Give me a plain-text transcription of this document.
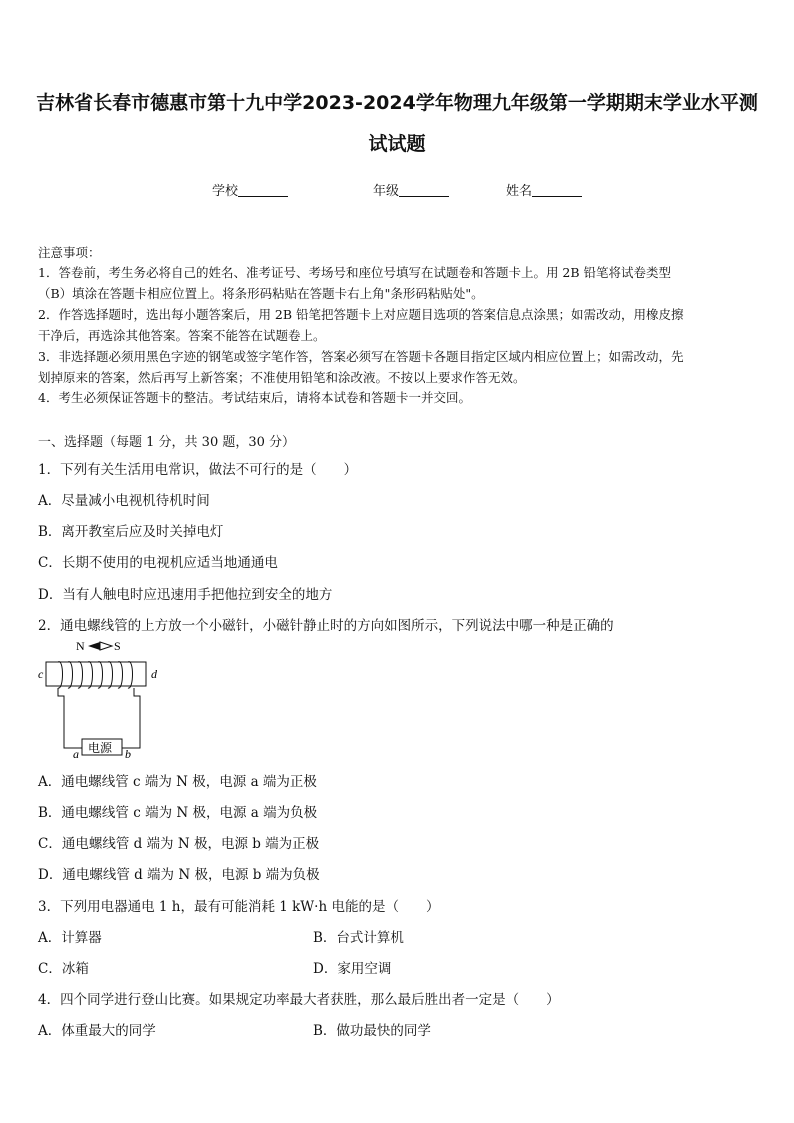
吉林省长春市德惠市第十九中学2023-2024学年物理九年级第一学期期末学业水平测
试试题
学校	年级	姓名
注意事项：
1．答卷前，考生务必将自己的姓名、准考证号、考场号和座位号填写在试题卷和答题卡上。用 2B 铅笔将试卷类型
（B）填涂在答题卡相应位置上。将条形码粘贴在答题卡右上角"条形码粘贴处"。
2．作答选择题时，选出每小题答案后，用 2B 铅笔把答题卡上对应题目选项的答案信息点涂黑；如需改动，用橡皮擦
干净后，再选涂其他答案。答案不能答在试题卷上。
3．非选择题必须用黑色字迹的钢笔或签字笔作答，答案必须写在答题卡各题目指定区域内相应位置上；如需改动，先
划掉原来的答案，然后再写上新答案；不准使用铅笔和涂改液。不按以上要求作答无效。
4．考生必须保证答题卡的整洁。考试结束后，请将本试卷和答题卡一并交回。
一、选择题（每题 1 分，共 30 题，30 分）
1．下列有关生活用电常识，做法不可行的是（　　）
A．尽量减小电视机待机时间
B．离开教室后应及时关掉电灯
C．长期不使用的电视机应适当地通通电
D．当有人触电时应迅速用手把他拉到安全的地方
2．通电螺线管的上方放一个小磁针，小磁针静止时的方向如图所示，下列说法中哪一种是正确的
N S
c	d
电源
a	b
A．通电螺线管 c 端为 N 极，电源 a 端为正极
B．通电螺线管 c 端为 N 极，电源 a 端为负极
C．通电螺线管 d 端为 N 极，电源 b 端为正极
D．通电螺线管 d 端为 N 极，电源 b 端为负极
3．下列用电器通电 1 h，最有可能消耗 1 kW·h 电能的是（　　）
A．计算器	B．台式计算机
C．冰箱	D．家用空调
4．四个同学进行登山比赛。如果规定功率最大者获胜，那么最后胜出者一定是（　　）
A．体重最大的同学	B．做功最快的同学
